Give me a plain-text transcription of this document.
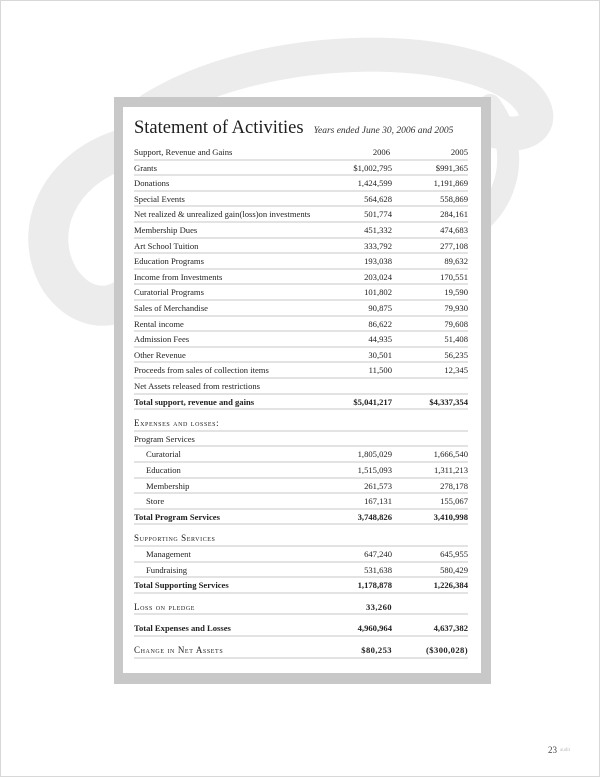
Statement of Activities Years ended June 30, 2006 and 2005
Support, Revenue and Gains	2006	2005
Grants	$1,002,795	$991,365
Donations	1,424,599	1,191,869
Special Events	564,628	558,869
Net realized & unrealized gain(loss)on investments	501,774	284,161
Membership Dues	451,332	474,683
Art School Tuition	333,792	277,108
Education Programs	193,038	89,632
Income from Investments	203,024	170,551
Curatorial Programs	101,802	19,590
Sales of Merchandise	90,875	79,930
Rental income	86,622	79,608
Admission Fees	44,935	51,408
Other Revenue	30,501	56,235
Proceeds from sales of collection items	11,500	12,345
Net Assets released from restrictions
Total support, revenue and gains	$5,041,217	$4,337,354
Expenses and losses:
Program Services
Curatorial	1,805,029	1,666,540
Education	1,515,093	1,311,213
Membership	261,573	278,178
Store	167,131	155,067
Total Program Services	3,748,826	3,410,998
Supporting Services
Management	647,240	645,955
Fundraising	531,638	580,429
Total Supporting Services	1,178,878	1,226,384
Loss on pledge	33,260
Total Expenses and Losses	4,960,964	4,637,382
Change in Net Assets	$80,253	($300,028)
23 audit
